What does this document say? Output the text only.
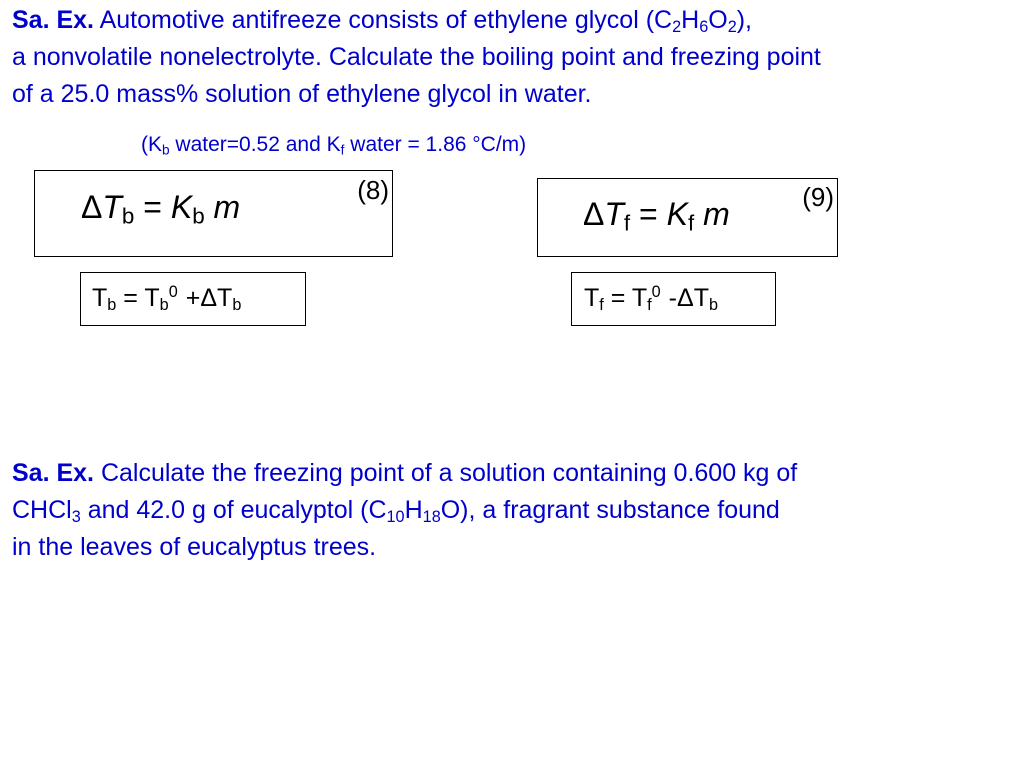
Sa. Ex. Automotive antifreeze consists of ethylene glycol $(C_2H_6O_2)$,
a nonvolatile nonelectrolyte. Calculate the boiling point and freezing point
of a 25.0 mass% solution of ethylene glycol in water.
($K_b$ water=0.52 and $K_f$ water = 1.86 °C/m)
$\Delta T_b = K_b$ m	(8)
$\Delta T_f = K_f$ m	(9)
$T_b = T_b^0 +\Delta T_b$	$T_f = T_f^0$ $-\Delta T_b$
Sa. Ex. Calculate the freezing point of a solution containing 0.600 kg of
CHCl$_3$ and 42.0 g of eucalyptol $(C_{10}H_{18}O)$, a fragrant substance found
in the leaves of eucalyptus trees.
